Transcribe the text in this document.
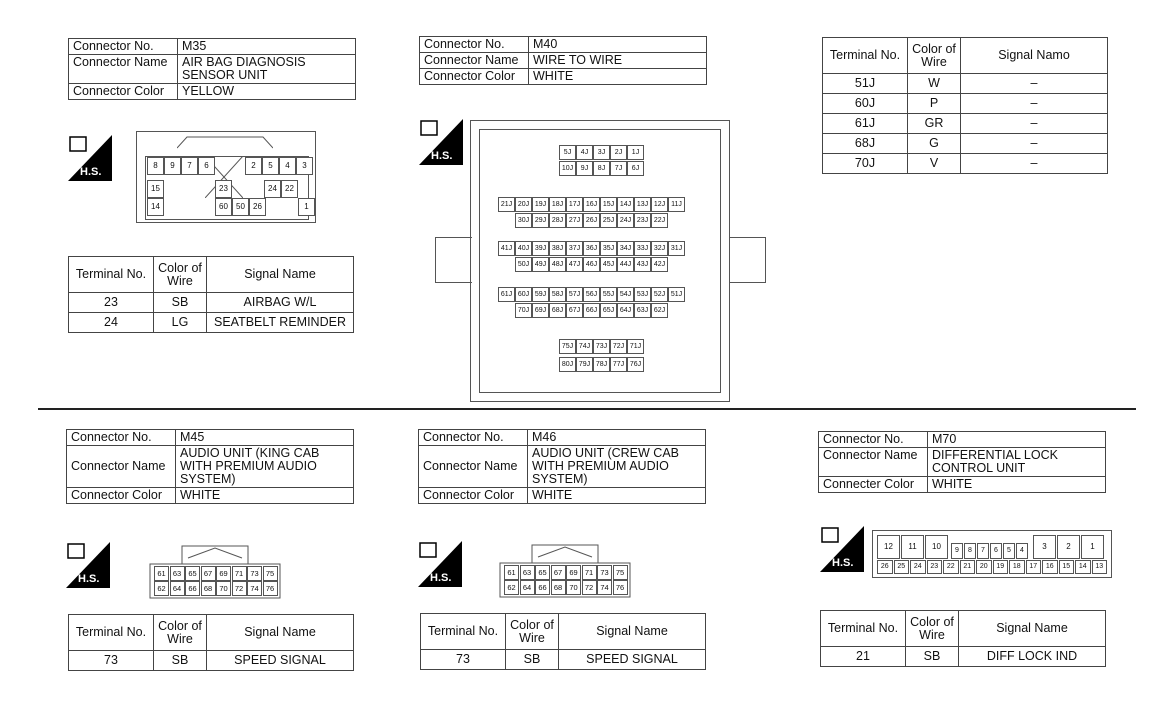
Connector No.	M35
Connector Name	AIR BAG DIAGNOSIS SENSOR UNIT
Connector Color	YELLOW
H.S.
8	9	7	6	2	5	4	3
15	23	24	22
14	60	50	26	1
Terminal No.	Color of Wire	Signal Name
23	SB	AIRBAG W/L
24	LG	SEATBELT REMINDER
Connector No.	M40
Connector Name	WIRE TO WIRE
Connector Color	WHITE
H.S.	5J	4J	3J	2J	1J
10J	9J	8J	7J	6J
21J 20J 19J 18J 17J 16J 15J 14J 13J 12J 11J
30J 29J 28J 27J 26J 25J 24J 23J 22J
41J 40J 39J 38J 37J 36J 35J 34J 33J 32J 31J
50J 49J 48J 47J 46J 45J 44J 43J 42J
61J 60J 59J 58J 57J 56J 55J 54J 53J 52J 51J
70J 69J 68J 67J 66J 65J 64J 63J 62J
75J 74J 73J 72J 71J
80J 79J 78J 77J 76J
Terminal No.	Color of Wire	Signal Namo
51J	W	–
60J	P	–
61J	GR	–
68J	G	–
70J	V	–
Connector No.	M45
Connector Name	AUDIO UNIT (KING CAB WITH PREMIUM AUDIO SYSTEM)
Connector Color	WHITE
H.S.	61 63 65 67 69 71 73 75
62 64 66 68 70 72 74 76
Terminal No.	Color of Wire	Signal Name
73	SB	SPEED SIGNAL
Connector No.	M46
Connector Name	AUDIO UNIT (CREW CAB WITH PREMIUM AUDIO SYSTEM)
Connector Color	WHITE
H.S.	61 63 65 67 69 71 73 75
62 64 66 68 70 72 74 76
Terminal No.	Color of Wire	Signal Name
73	SB	SPEED SIGNAL
Connector No.	M70
Connector Name	DIFFERENTIAL LOCK CONTROL UNIT
Connecter Color	WHITE
H.S.
12	11	10	9	8	7	6	5	4	3	2	1
26	25	24	23	22	21	20	19	18	17	16	15	14	13
Terminal No.	Color of Wire	Signal Name
21	SB	DIFF LOCK IND
